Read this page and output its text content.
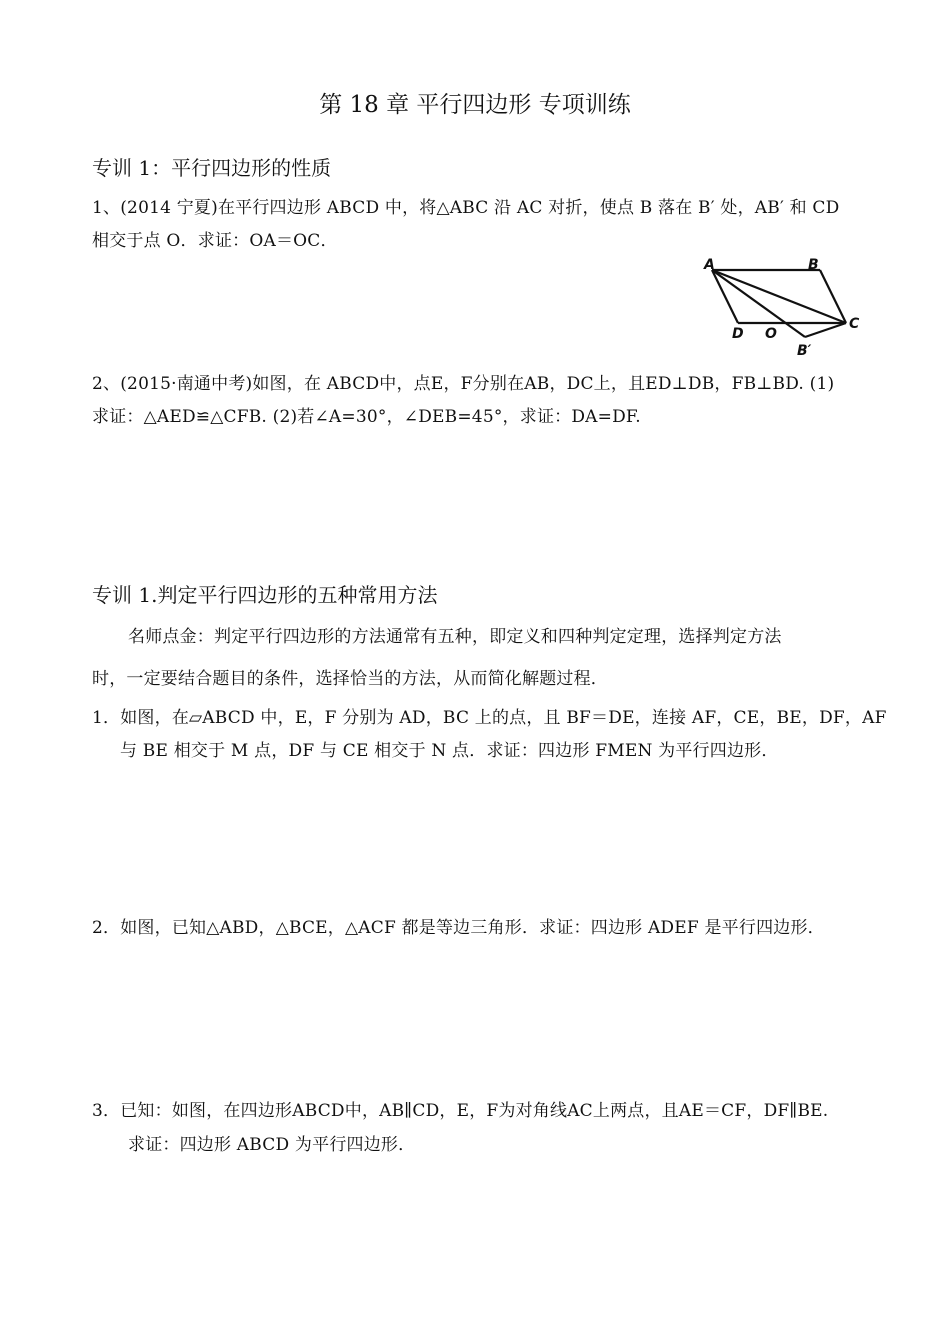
第 18 章 平行四边形 专项训练
专训 1：平行四边形的性质
1、(2014 宁夏)在平行四边形 ABCD 中，将△ABC 沿 AC 对折，使点 B 落在 B′ 处，AB′ 和 CD
相交于点 O．求证：OA＝OC．
A	B
C
D O
B′
2、(2015·南通中考)如图，在 ABCD中，点E，F分别在AB，DC上，且ED⊥DB，FB⊥BD. (1)
求证：△AED≌△CFB. (2)若∠A=30°，∠DEB=45°，求证：DA=DF.
专训 1.判定平行四边形的五种常用方法
名师点金：判定平行四边形的方法通常有五种，即定义和四种判定定理，选择判定方法
时，一定要结合题目的条件，选择恰当的方法，从而简化解题过程．
1．如图，在▱ABCD 中，E，F 分别为 AD，BC 上的点，且 BF＝DE，连接 AF，CE，BE，DF，AF
与 BE 相交于 M 点，DF 与 CE 相交于 N 点．求证：四边形 FMEN 为平行四边形．
2．如图，已知△ABD，△BCE，△ACF 都是等边三角形．求证：四边形 ADEF 是平行四边形．
3．已知：如图，在四边形ABCD中，AB∥CD，E，F为对角线AC上两点，且AE＝CF，DF∥BE.
求证：四边形 ABCD 为平行四边形．
